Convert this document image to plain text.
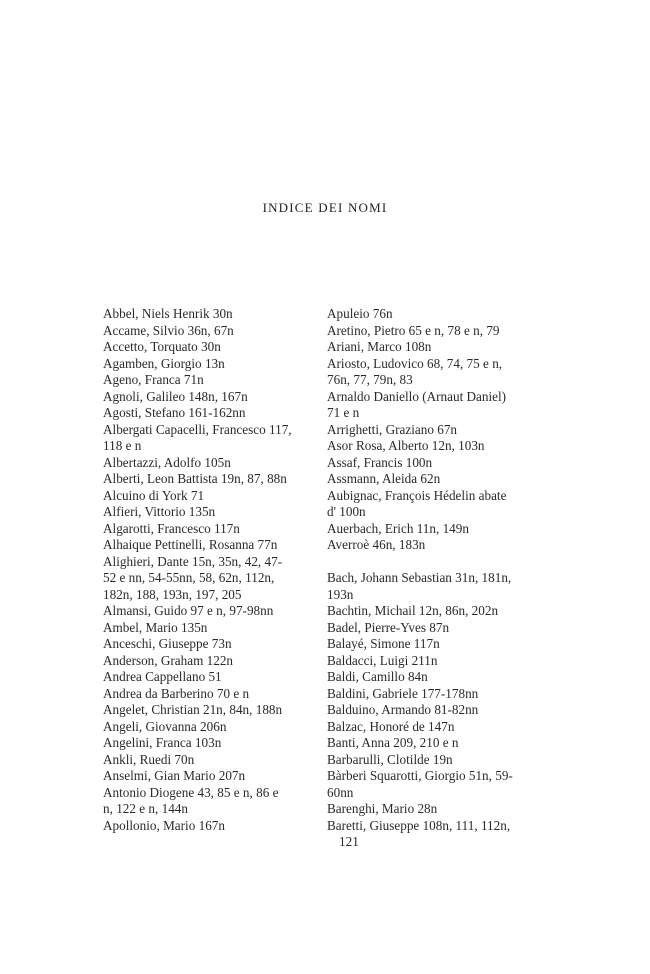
INDICE DEI NOMI
Abbel, Niels Henrik 30n
Accame, Silvio 36n, 67n
Accetto, Torquato 30n
Agamben, Giorgio 13n
Ageno, Franca 71n
Agnoli, Galileo 148n, 167n
Agosti, Stefano 161-162nn
Albergati Capacelli, Francesco 117,
118 e n
Albertazzi, Adolfo 105n
Alberti, Leon Battista 19n, 87, 88n
Alcuino di York 71
Alfieri, Vittorio 135n
Algarotti, Francesco 117n
Alhaique Pettinelli, Rosanna 77n
Alighieri, Dante 15n, 35n, 42, 47-
52 e nn, 54-55nn, 58, 62n, 112n,
182n, 188, 193n, 197, 205
Almansi, Guido 97 e n, 97-98nn
Ambel, Mario 135n
Anceschi, Giuseppe 73n
Anderson, Graham 122n
Andrea Cappellano 51
Andrea da Barberino 70 e n
Angelet, Christian 21n, 84n, 188n
Angeli, Giovanna 206n
Angelini, Franca 103n
Ankli, Ruedi 70n
Anselmi, Gian Mario 207n
Antonio Diogene 43, 85 e n, 86 e
n, 122 e n, 144n
Apollonio, Mario 167n
Apuleio 76n
Aretino, Pietro 65 e n, 78 e n, 79
Ariani, Marco 108n
Ariosto, Ludovico 68, 74, 75 e n,
76n, 77, 79n, 83
Arnaldo Daniello (Arnaut Daniel)
71 e n
Arrighetti, Graziano 67n
Asor Rosa, Alberto 12n, 103n
Assaf, Francis 100n
Assmann, Aleida 62n
Aubignac, François Hédelin abate
d' 100n
Auerbach, Erich 11n, 149n
Averroè 46n, 183n
Bach, Johann Sebastian 31n, 181n,
193n
Bachtin, Michail 12n, 86n, 202n
Badel, Pierre-Yves 87n
Balayé, Simone 117n
Baldacci, Luigi 211n
Baldi, Camillo 84n
Baldini, Gabriele 177-178nn
Balduino, Armando 81-82nn
Balzac, Honoré de 147n
Banti, Anna 209, 210 e n
Barbarulli, Clotilde 19n
Bàrberi Squarotti, Giorgio 51n, 59-
60nn
Barenghi, Mario 28n
Baretti, Giuseppe 108n, 111, 112n, 121
